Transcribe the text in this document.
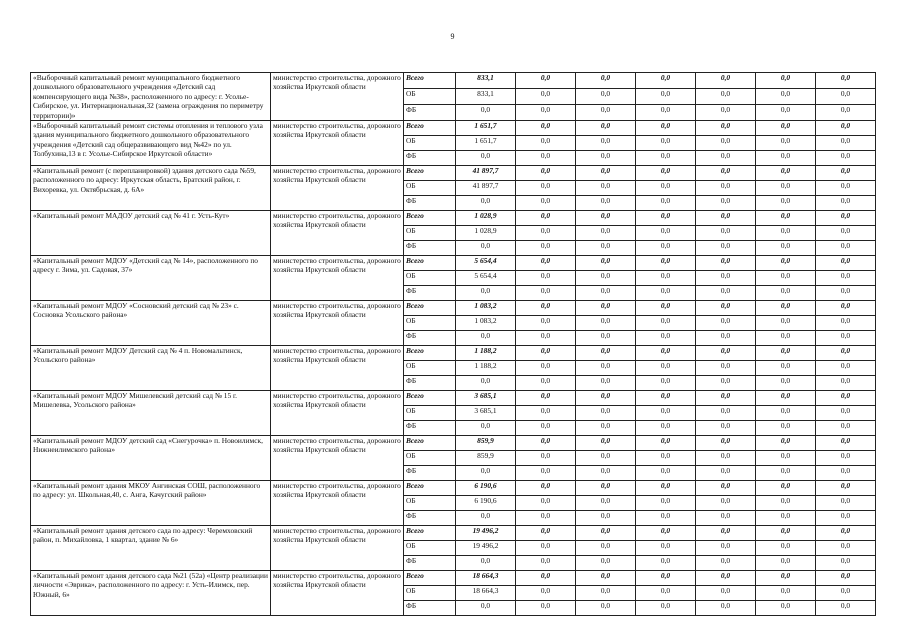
9
«Выборочный капитальный ремонт муниципального бюджетного дошкольного образовательного учреждения «Детский сад компенсирующего вида №38», расположенного по адресу: г. Усолье-Сибирское, ул. Интернациональная,32 (замена ограждения по периметру территории)»	министерство строительства, дорожного хозяйства Иркутской области	Всего	833,1	0,0	0,0	0,0	0,0	0,0	0,0
		ОБ	833,1	0,0	0,0	0,0	0,0	0,0	0,0
		ФБ	0,0	0,0	0,0	0,0	0,0	0,0	0,0
«Выборочный капитальный ремонт системы отопления и теплового узла здания муниципального бюджетного дошкольного образовательного учреждения «Детский сад общеразвивающего вид №42» по ул. Толбухина,13 в г. Усолье-Сибирское Иркутской области»	министерство строительства, дорожного хозяйства Иркутской области	Всего	1 651,7	0,0	0,0	0,0	0,0	0,0	0,0
		ОБ	1 651,7	0,0	0,0	0,0	0,0	0,0	0,0
		ФБ	0,0	0,0	0,0	0,0	0,0	0,0	0,0
«Капитальный ремонт (с перепланировкой) здания детского сада №59, расположенного по адресу: Иркутская область, Братский район, г. Вихоревка, ул. Октябрьская, д. 6А»	министерство строительства, дорожного хозяйства Иркутской области	Всего	41 897,7	0,0	0,0	0,0	0,0	0,0	0,0
		ОБ	41 897,7	0,0	0,0	0,0	0,0	0,0	0,0
		ФБ	0,0	0,0	0,0	0,0	0,0	0,0	0,0
«Капитальный ремонт МАДОУ детский сад № 41 г. Усть-Кут»	министерство строительства, дорожного хозяйства Иркутской области	Всего	1 028,9	0,0	0,0	0,0	0,0	0,0	0,0
		ОБ	1 028,9	0,0	0,0	0,0	0,0	0,0	0,0
		ФБ	0,0	0,0	0,0	0,0	0,0	0,0	0,0
«Капитальный ремонт МДОУ «Детский сад № 14», расположенного по адресу г. Зима, ул. Садовая, 37»	министерство строительства, дорожного хозяйства Иркутской области	Всего	5 654,4	0,0	0,0	0,0	0,0	0,0	0,0
		ОБ	5 654,4	0,0	0,0	0,0	0,0	0,0	0,0
		ФБ	0,0	0,0	0,0	0,0	0,0	0,0	0,0
«Капитальный ремонт МДОУ «Сосновский детский сад № 23» с. Сосновка Усольского района»	министерство строительства, дорожного хозяйства Иркутской области	Всего	1 083,2	0,0	0,0	0,0	0,0	0,0	0,0
		ОБ	1 083,2	0,0	0,0	0,0	0,0	0,0	0,0
		ФБ	0,0	0,0	0,0	0,0	0,0	0,0	0,0
«Капитальный ремонт МДОУ Детский сад № 4 п. Новомальтинск, Усольского района»	министерство строительства, дорожного хозяйства Иркутской области	Всего	1 188,2	0,0	0,0	0,0	0,0	0,0	0,0
		ОБ	1 188,2	0,0	0,0	0,0	0,0	0,0	0,0
		ФБ	0,0	0,0	0,0	0,0	0,0	0,0	0,0
«Капитальный ремонт МДОУ Мишелевский детский сад № 15 г. Мишелевка, Усольского района»	министерство строительства, дорожного хозяйства Иркутской области	Всего	3 685,1	0,0	0,0	0,0	0,0	0,0	0,0
		ОБ	3 685,1	0,0	0,0	0,0	0,0	0,0	0,0
		ФБ	0,0	0,0	0,0	0,0	0,0	0,0	0,0
«Капитальный ремонт МДОУ детский сад «Снегурочка» п. Новоилимск, Нижнеилимского района»	министерство строительства, дорожного хозяйства Иркутской области	Всего	859,9	0,0	0,0	0,0	0,0	0,0	0,0
		ОБ	859,9	0,0	0,0	0,0	0,0	0,0	0,0
		ФБ	0,0	0,0	0,0	0,0	0,0	0,0	0,0
«Капитальный ремонт здания МКОУ Ангинская СОШ, расположенного по адресу: ул. Школьная,40, с. Анга, Качугский район»	министерство строительства, дорожного хозяйства Иркутской области	Всего	6 190,6	0,0	0,0	0,0	0,0	0,0	0,0
		ОБ	6 190,6	0,0	0,0	0,0	0,0	0,0	0,0
		ФБ	0,0	0,0	0,0	0,0	0,0	0,0	0,0
«Капитальный ремонт здания детского сада по адресу: Черемховский район, п. Михайловка, 1 квартал, здание № 6»	министерство строительства, дорожного хозяйства Иркутской области	Всего	19 496,2	0,0	0,0	0,0	0,0	0,0	0,0
		ОБ	19 496,2	0,0	0,0	0,0	0,0	0,0	0,0
		ФБ	0,0	0,0	0,0	0,0	0,0	0,0	0,0
«Капитальный ремонт здания детского сада №21 (52а) «Центр реализации личности «Эврика», расположенного по адресу: г. Усть-Илимск, пер. Южный, 6»	министерство строительства, дорожного хозяйства Иркутской области	Всего	18 664,3	0,0	0,0	0,0	0,0	0,0	0,0
		ОБ	18 664,3	0,0	0,0	0,0	0,0	0,0	0,0
		ФБ	0,0	0,0	0,0	0,0	0,0	0,0	0,0
